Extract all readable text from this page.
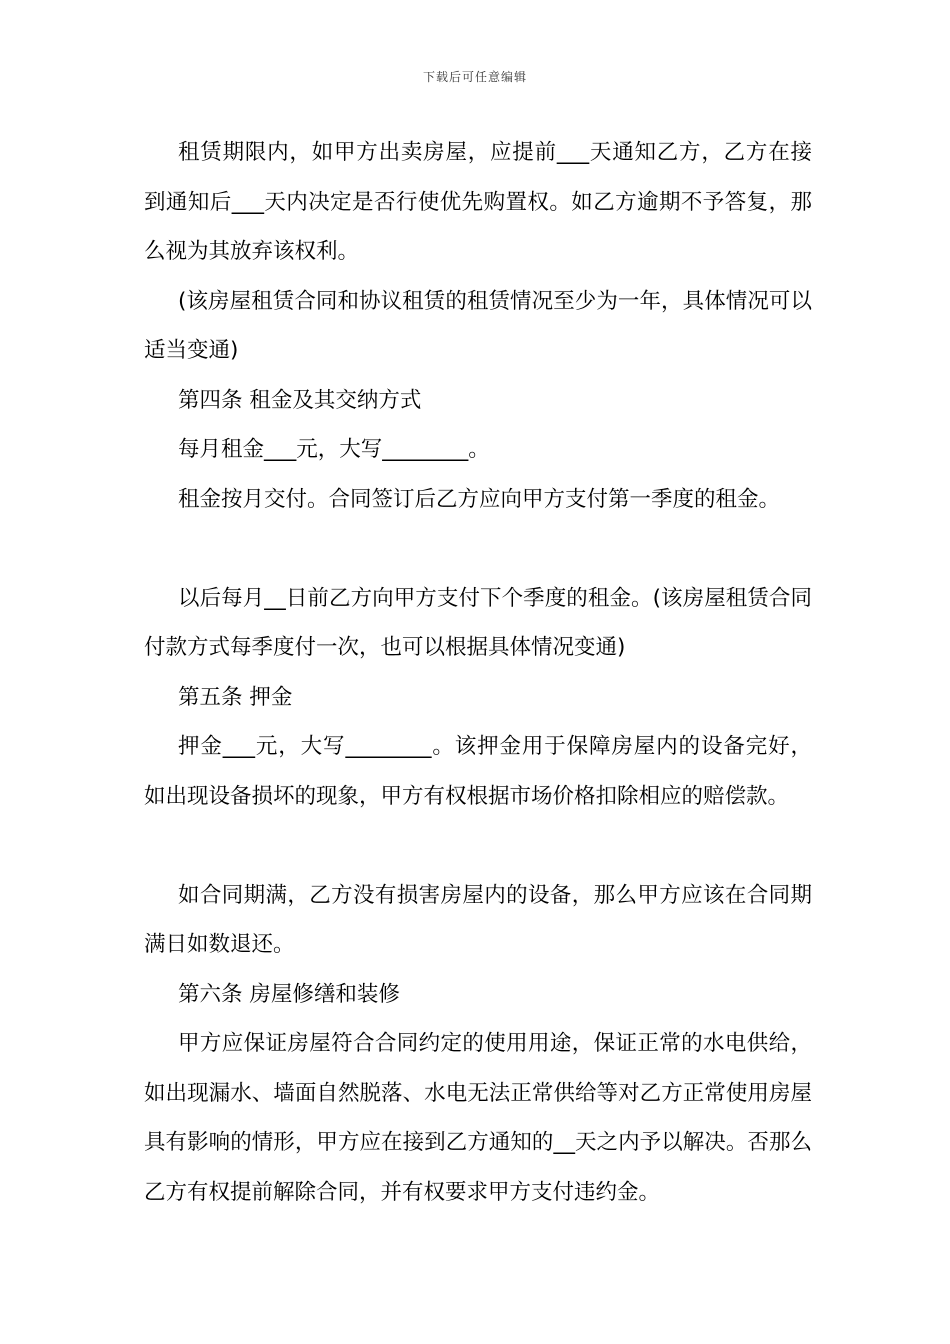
下载后可任意编辑

租赁期限内，如甲方出卖房屋，应提前___天通知乙方，乙方在接到通知后___天内决定是否行使优先购置权。如乙方逾期不予答复，那么视为其放弃该权利。

(该房屋租赁合同和协议租赁的租赁情况至少为一年，具体情况可以适当变通)

第四条 租金及其交纳方式

每月租金___元，大写________。

租金按月交付。合同签订后乙方应向甲方支付第一季度的租金。

以后每月__日前乙方向甲方支付下个季度的租金。(该房屋租赁合同付款方式每季度付一次，也可以根据具体情况变通)

第五条 押金

押金___元，大写________。该押金用于保障房屋内的设备完好，如出现设备损坏的现象，甲方有权根据市场价格扣除相应的赔偿款。

如合同期满，乙方没有损害房屋内的设备，那么甲方应该在合同期满日如数退还。

第六条 房屋修缮和装修

甲方应保证房屋符合合同约定的使用用途，保证正常的水电供给，如出现漏水、墙面自然脱落、水电无法正常供给等对乙方正常使用房屋具有影响的情形，甲方应在接到乙方通知的__天之内予以解决。否那么乙方有权提前解除合同，并有权要求甲方支付违约金。
